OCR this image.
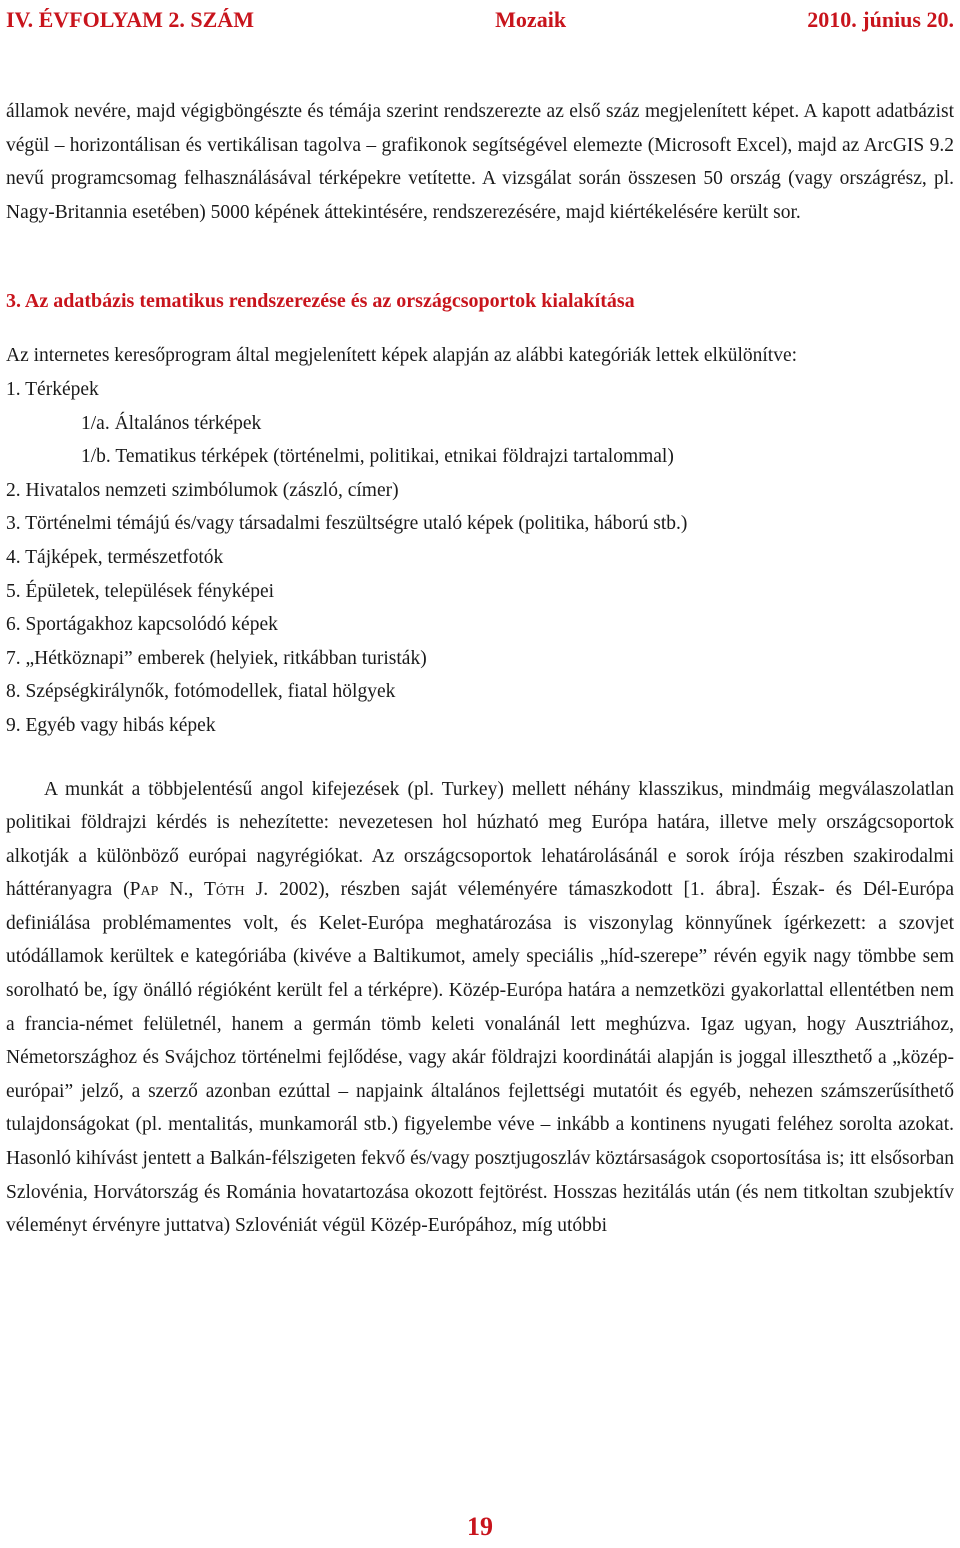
IV. ÉVFOLYAM 2. SZÁM	Mozaik	2010. június 20.

államok nevére, majd végigböngészte és témája szerint rendszerezte az első száz megjelenített képet. A kapott adatbázist végül – horizontálisan és vertikálisan tagolva – grafikonok segítségével elemezte (Microsoft Excel), majd az ArcGIS 9.2 nevű programcsomag felhasználásával térképekre vetítette. A vizsgálat során összesen 50 ország (vagy országrész, pl. Nagy-Britannia esetében) 5000 képének áttekintésére, rendszerezésére, majd kiértékelésére került sor.

3. Az adatbázis tematikus rendszerezése és az országcsoportok kialakítása

Az internetes keresőprogram által megjelenített képek alapján az alábbi kategóriák lettek elkülönítve:

1. Térképek
1/a. Általános térképek
1/b. Tematikus térképek (történelmi, politikai, etnikai földrajzi tartalommal)
2. Hivatalos nemzeti szimbólumok (zászló, címer)
3. Történelmi témájú és/vagy társadalmi feszültségre utaló képek (politika, háború stb.)
4. Tájképek, természetfotók
5. Épületek, települések fényképei
6. Sportágakhoz kapcsolódó képek
7. „Hétköznapi” emberek (helyiek, ritkábban turisták)
8. Szépségkirálynők, fotómodellek, fiatal hölgyek
9. Egyéb vagy hibás képek

A munkát a többjelentésű angol kifejezések (pl. Turkey) mellett néhány klasszikus, mindmáig megválaszolatlan politikai földrajzi kérdés is nehezítette: nevezetesen hol húzható meg Európa határa, illetve mely országcsoportok alkotják a különböző európai nagyrégiókat. Az országcsoportok lehatárolásánál e sorok írója részben szakirodalmi háttéranyagra (Pap N., Tóth J. 2002), részben saját véleményére támaszkodott [1. ábra]. Észak- és Dél-Európa definiálása problémamentes volt, és Kelet-Európa meghatározása is viszonylag könnyűnek ígérkezett: a szovjet utódállamok kerültek e kategóriába (kivéve a Baltikumot, amely speciális „híd-szerepe” révén egyik nagy tömbbe sem sorolható be, így önálló régióként került fel a térképre). Közép-Európa határa a nemzetközi gyakorlattal ellentétben nem a francia-német felületnél, hanem a germán tömb keleti vonalánál lett meghúzva. Igaz ugyan, hogy Ausztriához, Németországhoz és Svájchoz történelmi fejlődése, vagy akár földrajzi koordinátái alapján is joggal illeszthető a „közép-európai” jelző, a szerző azonban ezúttal – napjaink általános fejlettségi mutatóit és egyéb, nehezen számszerűsíthető tulajdonságokat (pl. mentalitás, munkamorál stb.) figyelembe véve – inkább a kontinens nyugati feléhez sorolta azokat. Hasonló kihívást jentett a Balkán-félszigeten fekvő és/vagy posztjugoszláv köztársaságok csoportosítása is; itt elsősorban Szlovénia, Horvátország és Románia hovatartozása okozott fejtörést. Hosszas hezitálás után (és nem titkoltan szubjektív véleményt érvényre juttatva) Szlovéniát végül Közép-Európához, míg utóbbi

19
